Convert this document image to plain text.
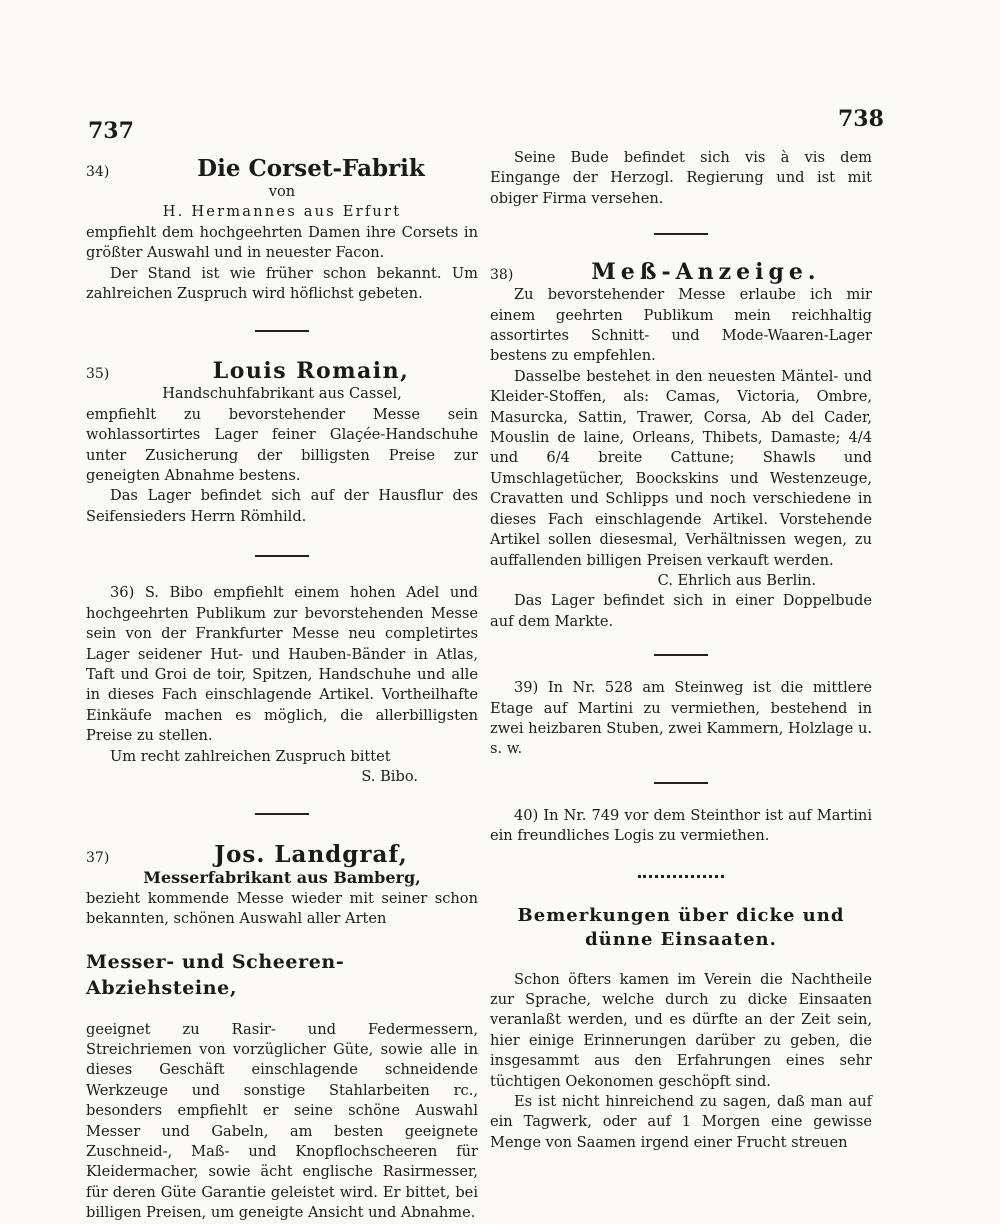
737	738
34)	Die Corset-Fabrik

von

H. Hermannes aus Erfurt

empfiehlt dem hochgeehrten Damen ihre Corsets in größter Auswahl und in neuester Facon.

Der Stand ist wie früher schon bekannt. Um zahlreichen Zuspruch wird höflichst gebeten.

35)	Louis Romain,

Handschuhfabrikant aus Cassel,

empfiehlt zu bevorstehender Messe sein wohlassortirtes Lager feiner Glaçée-Handschuhe unter Zusicherung der billigsten Preise zur geneigten Abnahme bestens.

Das Lager befindet sich auf der Hausflur des Seifensieders Herrn Römhild.

36) S. Bibo empfiehlt einem hohen Adel und hochgeehrten Publikum zur bevorstehenden Messe sein von der Frankfurter Messe neu completirtes Lager seidener Hut- und Hauben-Bänder in Atlas, Taft und Groi de toir, Spitzen, Handschuhe und alle in dieses Fach einschlagende Artikel. Vortheilhafte Einkäufe machen es möglich, die allerbilligsten Preise zu stellen.

Um recht zahlreichen Zuspruch bittet

S. Bibo.

37)	Jos. Landgraf,

Messerfabrikant aus Bamberg,

bezieht kommende Messe wieder mit seiner schon bekannten, schönen Auswahl aller Arten

Messer- und Scheeren-Abziehsteine,

geeignet zu Rasir- und Federmessern, Streichriemen von vorzüglicher Güte, sowie alle in dieses Geschäft einschlagende schneidende Werkzeuge und sonstige Stahlarbeiten rc., besonders empfiehlt er seine schöne Auswahl Messer und Gabeln, am besten geeignete Zuschneid-, Maß- und Knopflochscheeren für Kleidermacher, sowie ächt englische Rasirmesser, für deren Güte Garantie geleistet wird. Er bittet, bei billigen Preisen, um geneigte Ansicht und Abnahme.

Seine Bude befindet sich vis à vis dem Eingange der Herzogl. Regierung und ist mit obiger Firma versehen.

38)	Meß-Anzeige.

Zu bevorstehender Messe erlaube ich mir einem geehrten Publikum mein reichhaltig assortirtes Schnitt- und Mode-Waaren-Lager bestens zu empfehlen.

Dasselbe bestehet in den neuesten Mäntel- und Kleider-Stoffen, als: Camas, Victoria, Ombre, Masurcka, Sattin, Trawer, Corsa, Ab del Cader, Mouslin de laine, Orleans, Thibets, Damaste; 4/4 und 6/4 breite Cattune; Shawls und Umschlagetücher, Boockskins und Westenzeuge, Cravatten und Schlipps und noch verschiedene in dieses Fach einschlagende Artikel. Vorstehende Artikel sollen diesesmal, Verhältnissen wegen, zu auffallenden billigen Preisen verkauft werden.

C. Ehrlich aus Berlin.

Das Lager befindet sich in einer Doppelbude auf dem Markte.

39) In Nr. 528 am Steinweg ist die mittlere Etage auf Martini zu vermiethen, bestehend in zwei heizbaren Stuben, zwei Kammern, Holzlage u. s. w.

40) In Nr. 749 vor dem Steinthor ist auf Martini ein freundliches Logis zu vermiethen.

Bemerkungen über dicke und dünne Einsaaten.

Schon öfters kamen im Verein die Nachtheile zur Sprache, welche durch zu dicke Einsaaten veranlaßt werden, und es dürfte an der Zeit sein, hier einige Erinnerungen darüber zu geben, die insgesammt aus den Erfahrungen eines sehr tüchtigen Oekonomen geschöpft sind.

Es ist nicht hinreichend zu sagen, daß man auf ein Tagwerk, oder auf 1 Morgen eine gewisse Menge von Saamen irgend einer Frucht streuen
